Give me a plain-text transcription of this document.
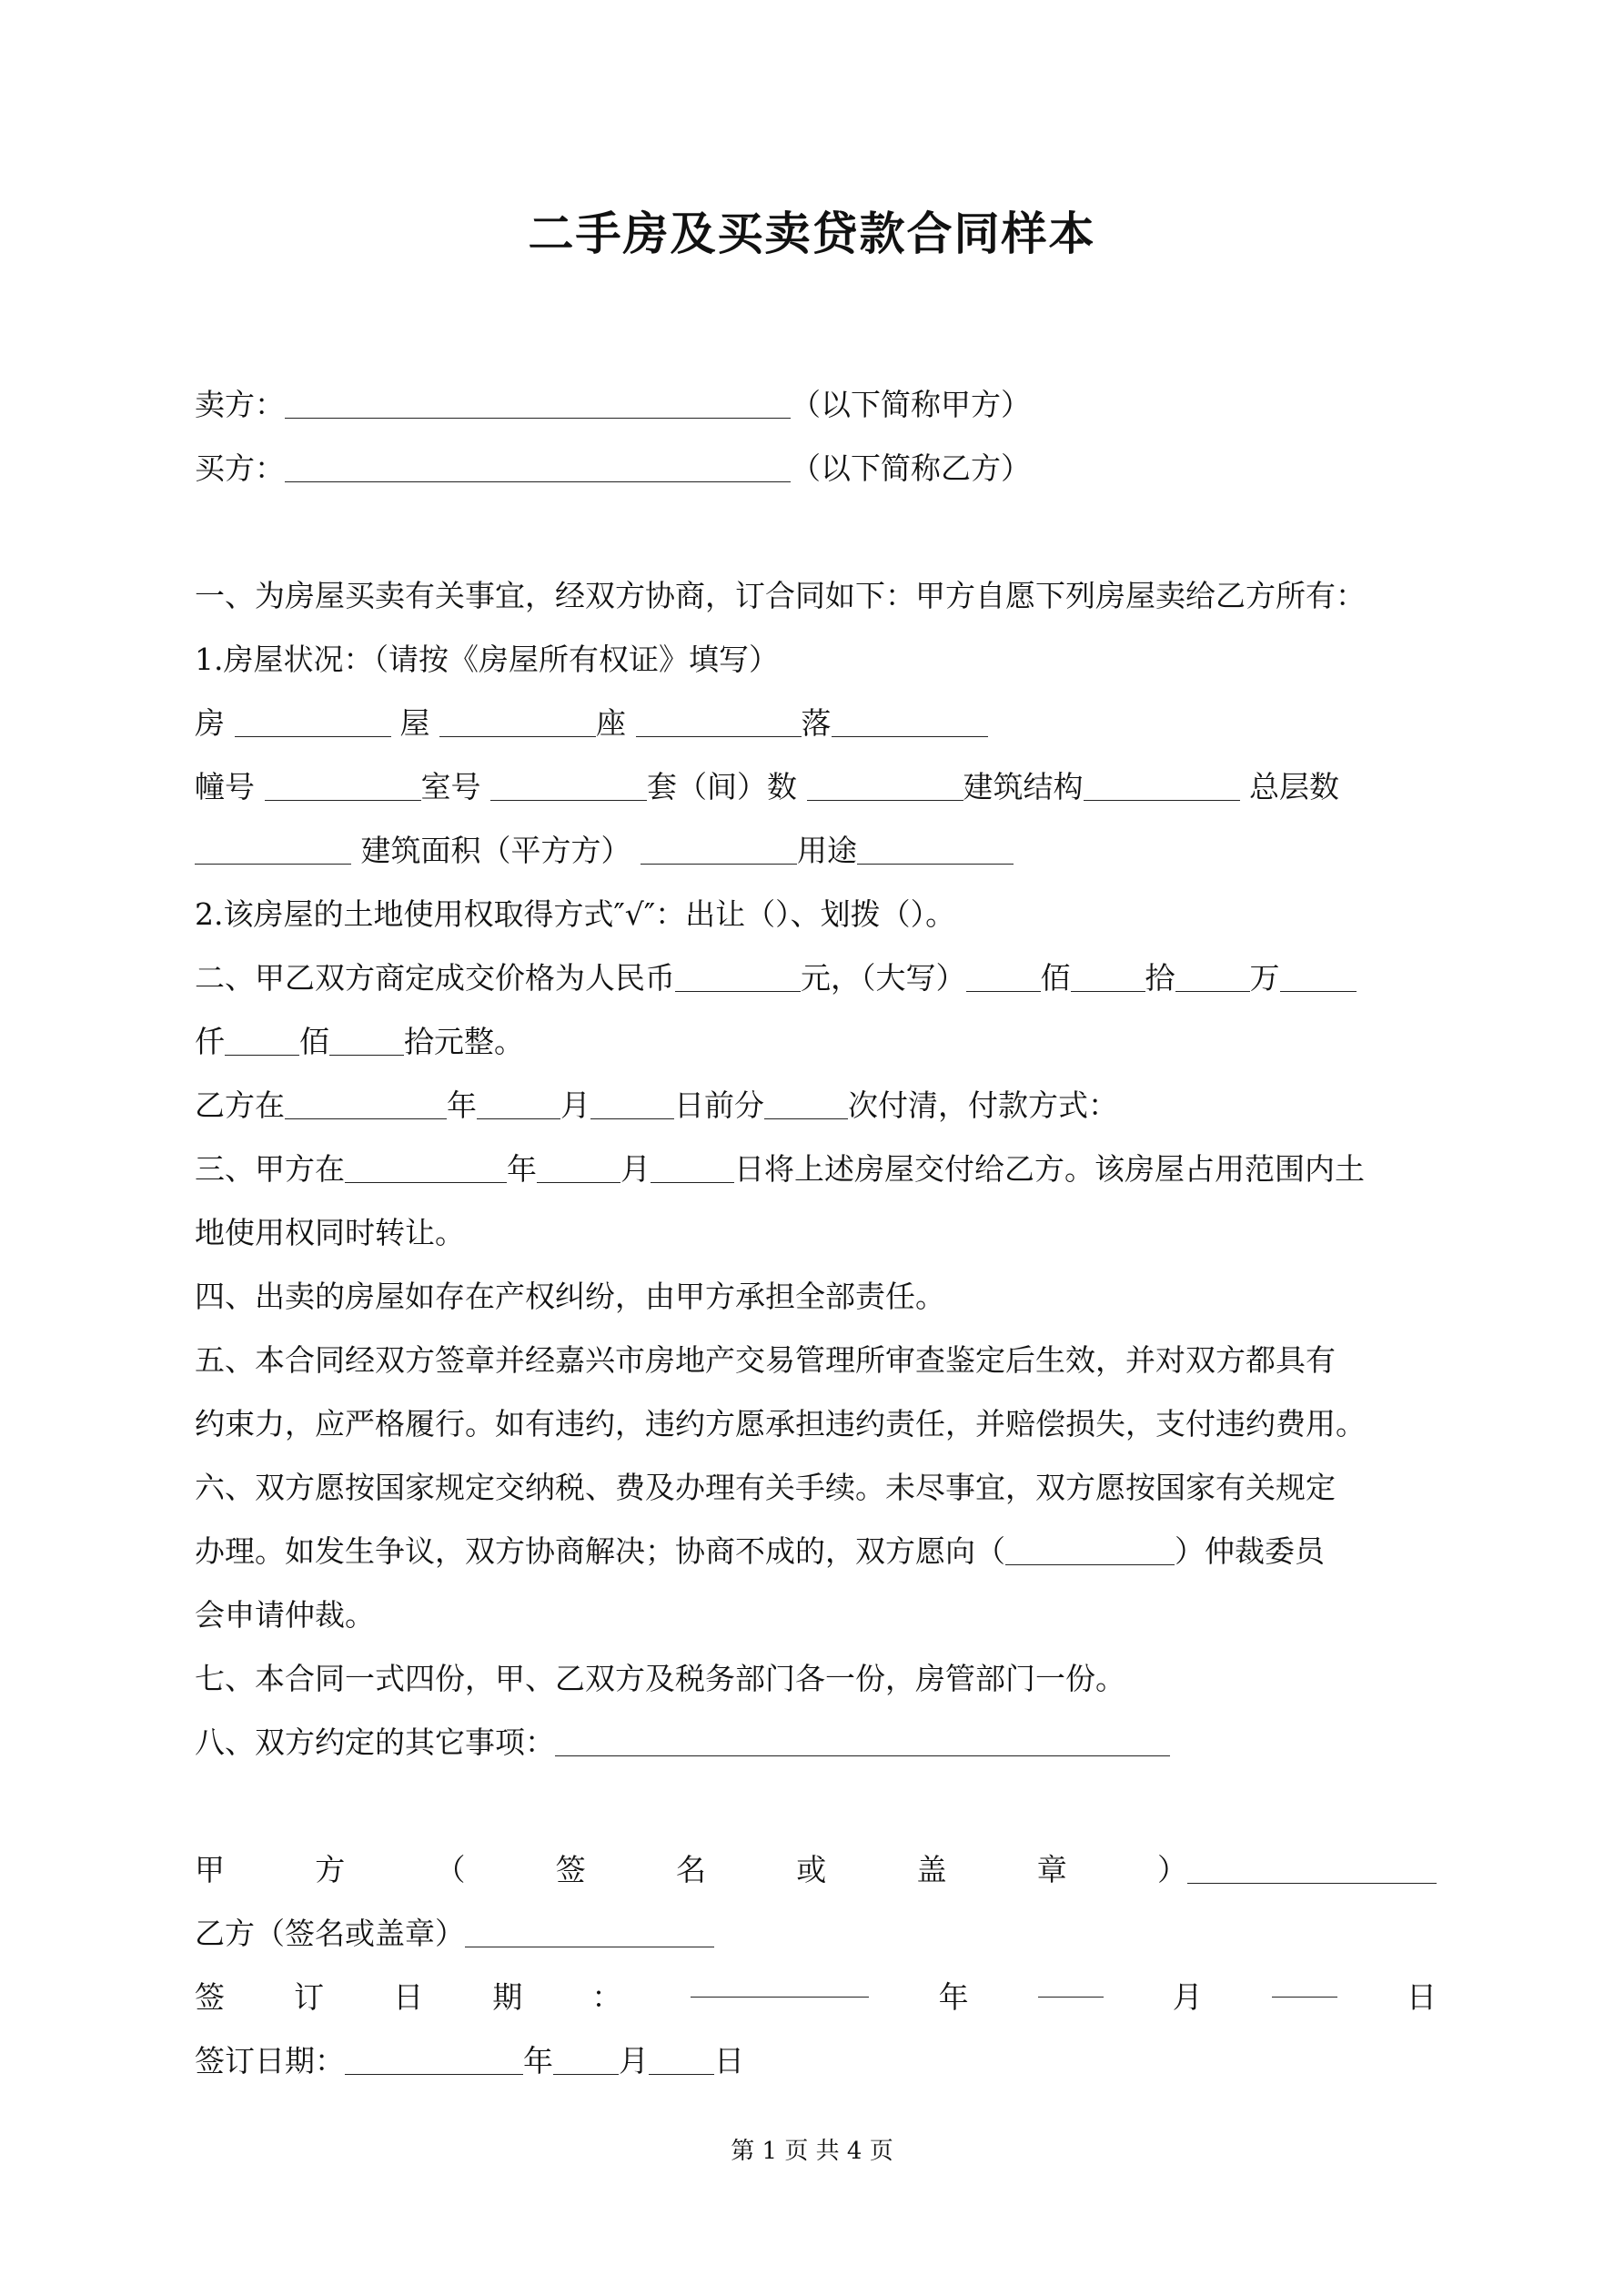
二手房及买卖贷款合同样本
卖方：	（以下简称甲方）
买方：	（以下简称乙方）
一、为房屋买卖有关事宜，经双方协商，订合同如下：甲方自愿下列房屋卖给乙方所有：
1.房屋状况：（请按《房屋所有权证》填写）
房	屋	座	落
幢号	室号	套（间）数	建筑结构	总层数
建筑面积（平方方）	用途
2.该房屋的土地使用权取得方式″√″：出让（）、划拨（）。
二、甲乙双方商定成交价格为人民币	元，（大写） 佰 拾 万
仟 佰 拾元整。
乙方在	年	月	日前分	次付清，付款方式：
三、甲方在	年	月	日将上述房屋交付给乙方。该房屋占用范围内土
地使用权同时转让。
四、出卖的房屋如存在产权纠纷，由甲方承担全部责任。
五、本合同经双方签章并经嘉兴市房地产交易管理所审查鉴定后生效，并对双方都具有
约束力，应严格履行。如有违约，违约方愿承担违约责任，并赔偿损失，支付违约费用。
六、双方愿按国家规定交纳税、费及办理有关手续。未尽事宜，双方愿按国家有关规定
办理。如发生争议，双方协商解决；协商不成的，双方愿向（	）仲裁委员
会申请仲裁。
七、本合同一式四份，甲、乙双方及税务部门各一份，房管部门一份。
八、双方约定的其它事项：
甲	方	（	签	名	或	盖	章	）
乙方（签名或盖章）
签 订 日 期 ：	年	月	日
签订日期：	年 月 日
第 1 页 共 4 页
